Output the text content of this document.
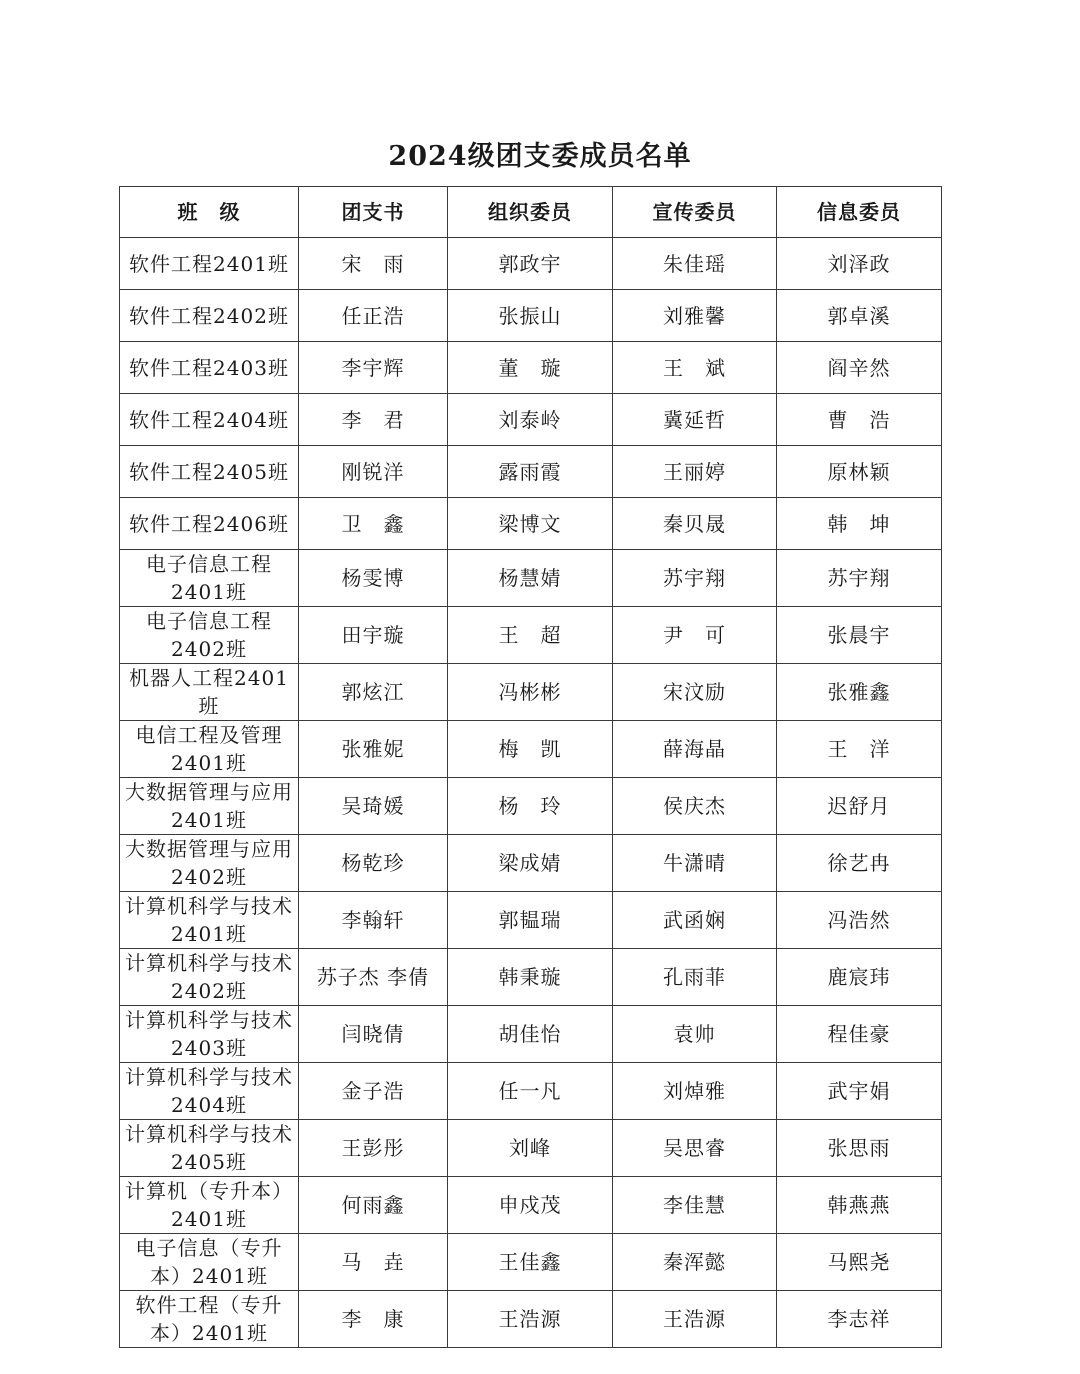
2024级团支委成员名单
班　级	团支书	组织委员	宣传委员	信息委员
软件工程2401班	宋　雨	郭政宇	朱佳瑶	刘泽政
软件工程2402班	任正浩	张振山	刘雅馨	郭卓溪
软件工程2403班	李宇辉	董　璇	王　斌	阎辛然
软件工程2404班	李　君	刘泰岭	冀延哲	曹　浩
软件工程2405班	刚锐洋	露雨霞	王丽婷	原林颖
软件工程2406班	卫　鑫	梁博文	秦贝晟	韩　坤
电子信息工程2401班	杨雯博	杨慧婧	苏宇翔	苏宇翔
电子信息工程2402班	田宇璇	王　超	尹　可	张晨宇
机器人工程2401班	郭炫江	冯彬彬	宋汶励	张雅鑫
电信工程及管理2401班	张雅妮	梅　凯	薛海晶	王　洋
大数据管理与应用2401班	吴琦媛	杨　玲	侯庆杰	迟舒月
大数据管理与应用2402班	杨乾珍	梁成婧	牛潇晴	徐艺冉
计算机科学与技术2401班	李翰轩	郭韫瑞	武函娴	冯浩然
计算机科学与技术2402班	苏子杰 李倩	韩秉璇	孔雨菲	鹿宸玮
计算机科学与技术2403班	闫晓倩	胡佳怡	袁帅	程佳豪
计算机科学与技术2404班	金子浩	任一凡	刘焯雅	武宇娟
计算机科学与技术2405班	王彭彤	刘峰	吴思睿	张思雨
计算机（专升本）2401班	何雨鑫	申戍茂	李佳慧	韩燕燕
电子信息（专升本）2401班	马　垚	王佳鑫	秦浑懿	马熙尧
软件工程（专升本）2401班	李　康	王浩源	王浩源	李志祥
